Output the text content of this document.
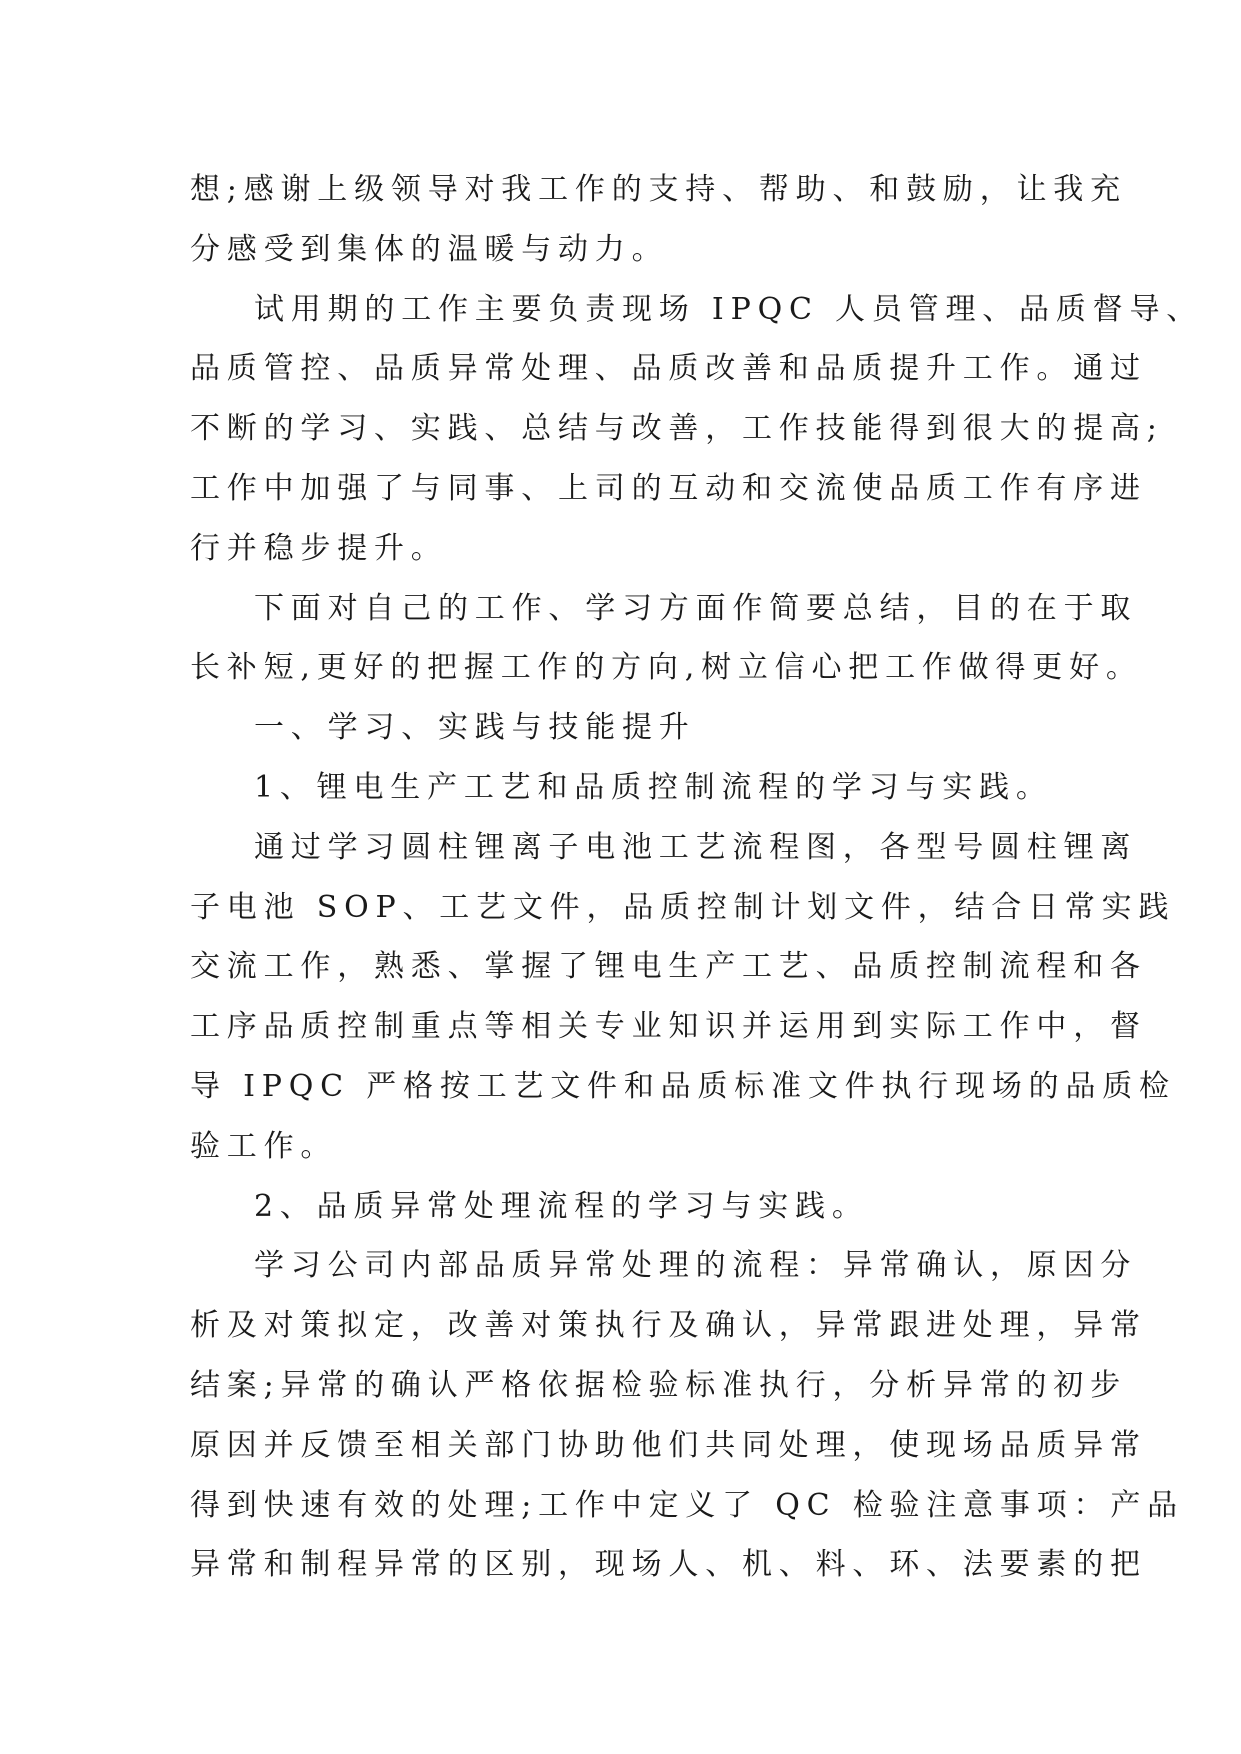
想;感谢上级领导对我工作的支持、帮助、和鼓励，让我充
分感受到集体的温暖与动力。
试用期的工作主要负责现场 IPQC 人员管理、品质督导、
品质管控、品质异常处理、品质改善和品质提升工作。通过
不断的学习、实践、总结与改善，工作技能得到很大的提高;
工作中加强了与同事、上司的互动和交流使品质工作有序进
行并稳步提升。
下面对自己的工作、学习方面作简要总结，目的在于取
长补短,更好的把握工作的方向,树立信心把工作做得更好。
一、学习、实践与技能提升
1、锂电生产工艺和品质控制流程的学习与实践。
通过学习圆柱锂离子电池工艺流程图，各型号圆柱锂离
子电池 SOP、工艺文件，品质控制计划文件，结合日常实践
交流工作，熟悉、掌握了锂电生产工艺、品质控制流程和各
工序品质控制重点等相关专业知识并运用到实际工作中，督
导 IPQC 严格按工艺文件和品质标准文件执行现场的品质检
验工作。
2、品质异常处理流程的学习与实践。
学习公司内部品质异常处理的流程：异常确认，原因分
析及对策拟定，改善对策执行及确认，异常跟进处理，异常
结案;异常的确认严格依据检验标准执行，分析异常的初步
原因并反馈至相关部门协助他们共同处理，使现场品质异常
得到快速有效的处理;工作中定义了 QC 检验注意事项：产品
异常和制程异常的区别，现场人、机、料、环、法要素的把
